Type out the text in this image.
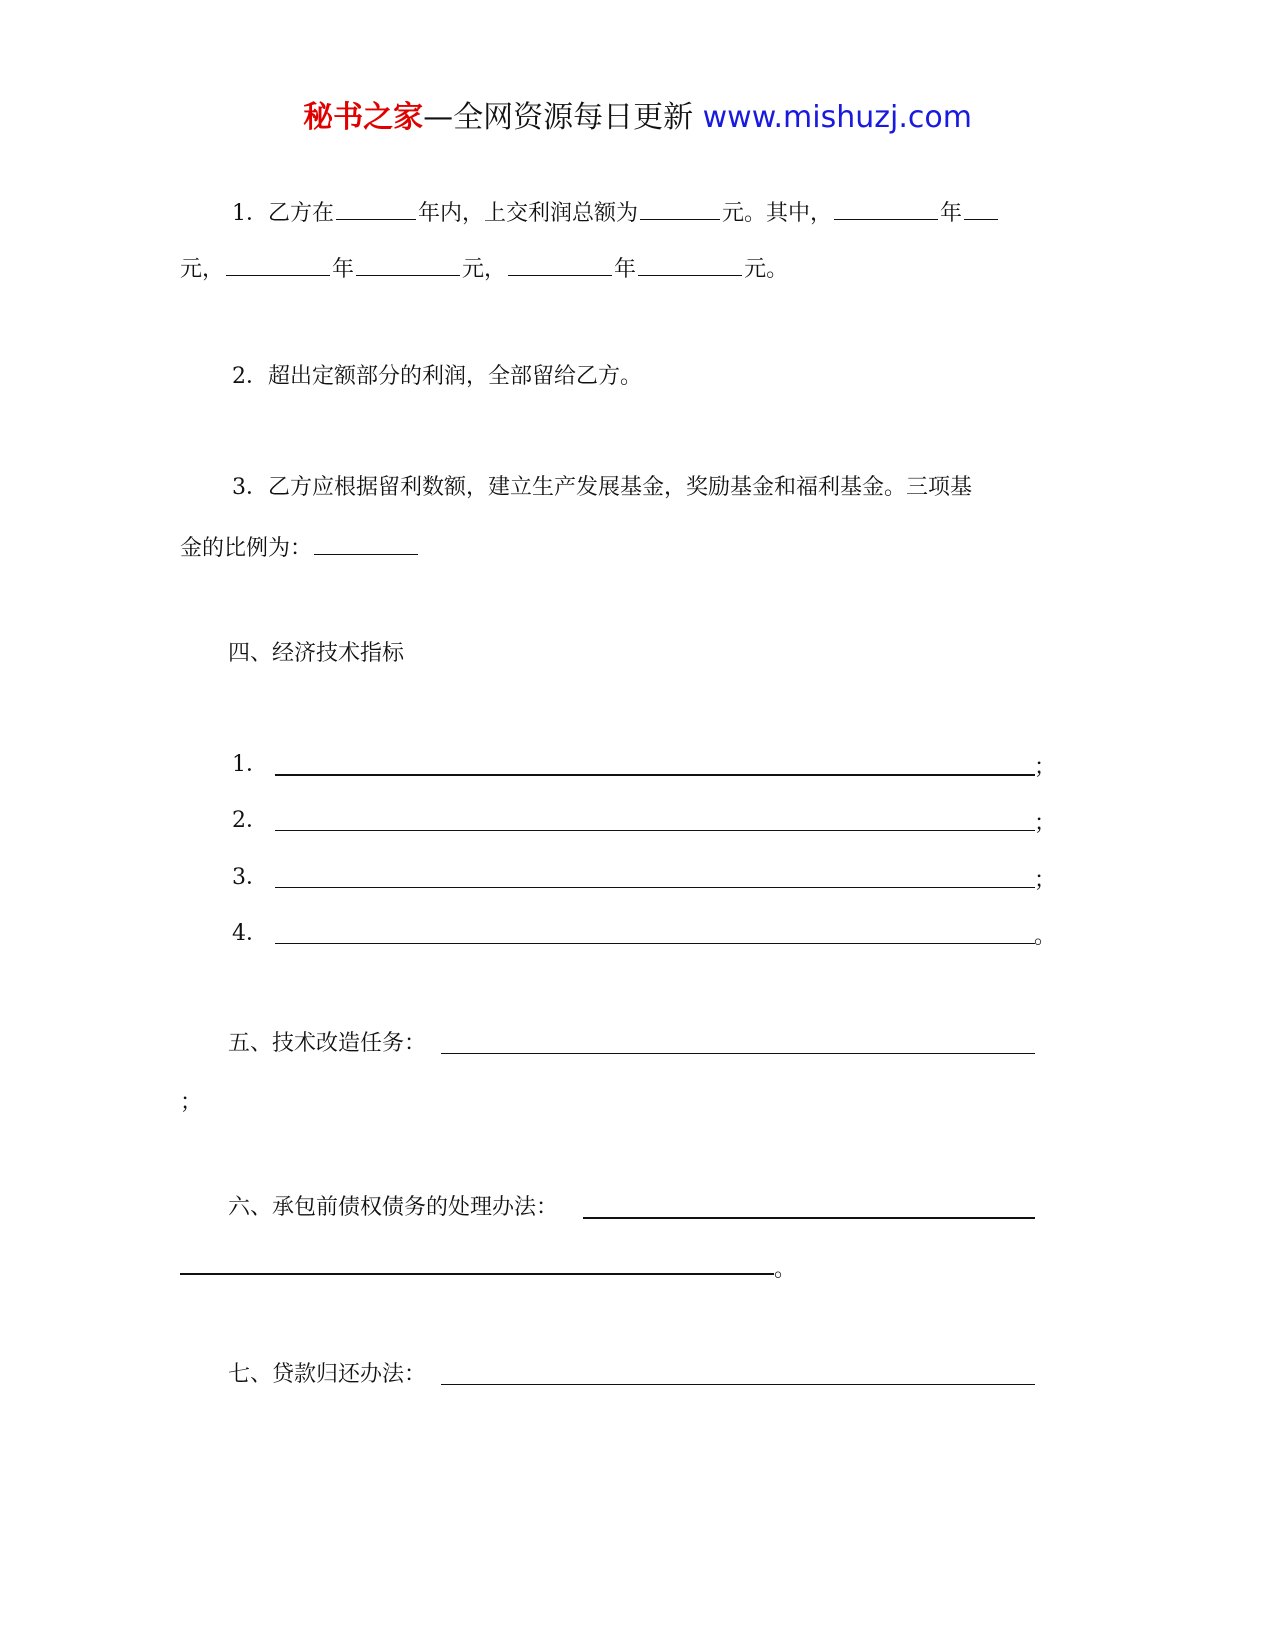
秘书之家—全网资源每日更新 www.mishuzj.com
1．乙方在	年内，上交利润总额为	元。其中，	年
元，	年	元，	年	元。
2．超出定额部分的利润，全部留给乙方。
3．乙方应根据留利数额，建立生产发展基金，奖励基金和福利基金。三项基
金的比例为：
四、经济技术指标
1．	；
2．	；
3．	；
4．	。
五、技术改造任务：
；
六、承包前债权债务的处理办法：
。
七、贷款归还办法：
